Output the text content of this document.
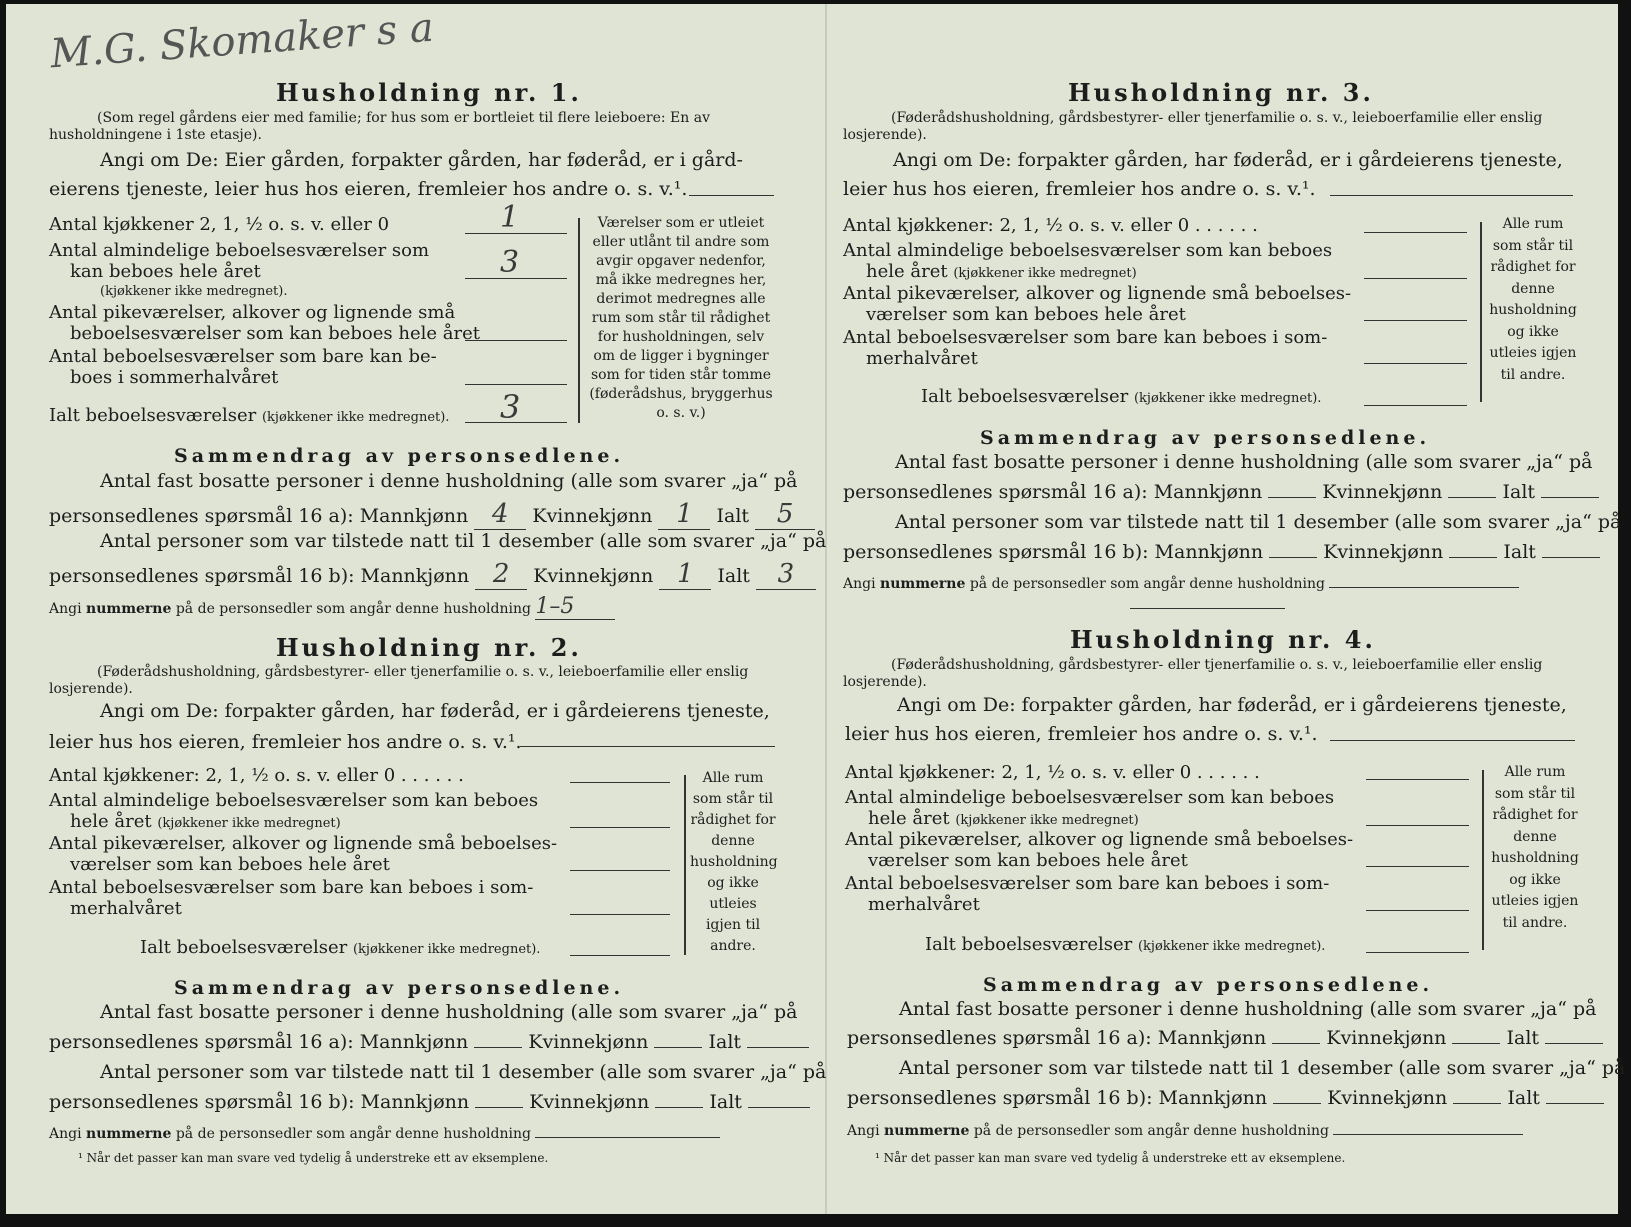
M.G. Skomaker s a
Husholdning nr. 1.
(Som regel gårdens eier med familie; for hus som er bortleiet til flere leieboere: En av husholdningene i 1ste etasje).
Angi om De: Eier gården, forpakter gården, har føderåd, er i gård-
eierens tjeneste, leier hus hos eieren, fremleier hos andre o. s. v.¹.
Antal kjøkkener 2, 1, ½ o. s. v. eller 0	1
Antal almindelige beboelsesværelser som
kan beboes hele året	3
(kjøkkener ikke medregnet).
Antal pikeværelser, alkover og lignende små
beboelsesværelser som kan beboes hele året
Antal beboelsesværelser som bare kan be-
boes i sommerhalvåret
Ialt beboelsesværelser (kjøkkener ikke medregnet). 3
Værelser som er utleiet eller utlånt til andre som avgir opgaver nedenfor, må ikke medregnes her, derimot medregnes alle rum som står til rådighet for husholdningen, selv om de ligger i bygninger som for tiden står tomme (føderådshus, bryggerhus o. s. v.)
Sammendrag av personsedlene.
Antal fast bosatte personer i denne husholdning (alle som svarer „ja“ på
personsedlenes spørsmål 16 a): Mannkjønn 4 Kvinnekjønn 1 Ialt 5
Antal personer som var tilstede natt til 1 desember (alle som svarer „ja“ på
personsedlenes spørsmål 16 b): Mannkjønn 2 Kvinnekjønn 1 Ialt 3
Angi nummerne på de personsedler som angår denne husholdning 1–5
Husholdning nr. 2.
(Føderådshusholdning, gårdsbestyrer- eller tjenerfamilie o. s. v., leieboerfamilie eller enslig losjerende).
Angi om De: forpakter gården, har føderåd, er i gårdeierens tjeneste,
leier hus hos eieren, fremleier hos andre o. s. v.¹.
Antal kjøkkener: 2, 1, ½ o. s. v. eller 0 . . . . . .
Antal almindelige beboelsesværelser som kan beboes
hele året (kjøkkener ikke medregnet)
Antal pikeværelser, alkover og lignende små beboelses-
værelser som kan beboes hele året
Antal beboelsesværelser som bare kan beboes i som-
merhalvåret
Ialt beboelsesværelser (kjøkkener ikke medregnet).
Alle rum som står til rådighet for denne husholdning og ikke utleies igjen til andre.
Sammendrag av personsedlene.
Antal fast bosatte personer i denne husholdning (alle som svarer „ja“ på
personsedlenes spørsmål 16 a): Mannkjønn	Kvinnekjønn	Ialt
Antal personer som var tilstede natt til 1 desember (alle som svarer „ja“ på
personsedlenes spørsmål 16 b): Mannkjønn	Kvinnekjønn	Ialt
Angi nummerne på de personsedler som angår denne husholdning
¹ Når det passer kan man svare ved tydelig å understreke ett av eksemplene.
Husholdning nr. 3.
(Føderådshusholdning, gårdsbestyrer- eller tjenerfamilie o. s. v., leieboerfamilie eller enslig losjerende).
Angi om De: forpakter gården, har føderåd, er i gårdeierens tjeneste,
leier hus hos eieren, fremleier hos andre o. s. v.¹.
Antal kjøkkener: 2, 1, ½ o. s. v. eller 0 . . . . . .
Antal almindelige beboelsesværelser som kan beboes
hele året (kjøkkener ikke medregnet)
Antal pikeværelser, alkover og lignende små beboelses-
værelser som kan beboes hele året
Antal beboelsesværelser som bare kan beboes i som-
merhalvåret
Ialt beboelsesværelser (kjøkkener ikke medregnet).
Alle rum som står til rådighet for denne husholdning og ikke utleies igjen til andre.
Sammendrag av personsedlene.
Antal fast bosatte personer i denne husholdning (alle som svarer „ja“ på
personsedlenes spørsmål 16 a): Mannkjønn	Kvinnekjønn	Ialt
Antal personer som var tilstede natt til 1 desember (alle som svarer „ja“ på
personsedlenes spørsmål 16 b): Mannkjønn	Kvinnekjønn	Ialt
Angi nummerne på de personsedler som angår denne husholdning
Husholdning nr. 4.
(Føderådshusholdning, gårdsbestyrer- eller tjenerfamilie o. s. v., leieboerfamilie eller enslig losjerende).
Angi om De: forpakter gården, har føderåd, er i gårdeierens tjeneste,
leier hus hos eieren, fremleier hos andre o. s. v.¹.
Antal kjøkkener: 2, 1, ½ o. s. v. eller 0 . . . . . .
Antal almindelige beboelsesværelser som kan beboes
hele året (kjøkkener ikke medregnet)
Antal pikeværelser, alkover og lignende små beboelses-
værelser som kan beboes hele året
Antal beboelsesværelser som bare kan beboes i som-
merhalvåret
Ialt beboelsesværelser (kjøkkener ikke medregnet).
Alle rum som står til rådighet for denne husholdning og ikke utleies igjen til andre.
Sammendrag av personsedlene.
Antal fast bosatte personer i denne husholdning (alle som svarer „ja“ på
personsedlenes spørsmål 16 a): Mannkjønn	Kvinnekjønn	Ialt
Antal personer som var tilstede natt til 1 desember (alle som svarer „ja“ på
personsedlenes spørsmål 16 b): Mannkjønn	Kvinnekjønn	Ialt
Angi nummerne på de personsedler som angår denne husholdning
¹ Når det passer kan man svare ved tydelig å understreke ett av eksemplene.
